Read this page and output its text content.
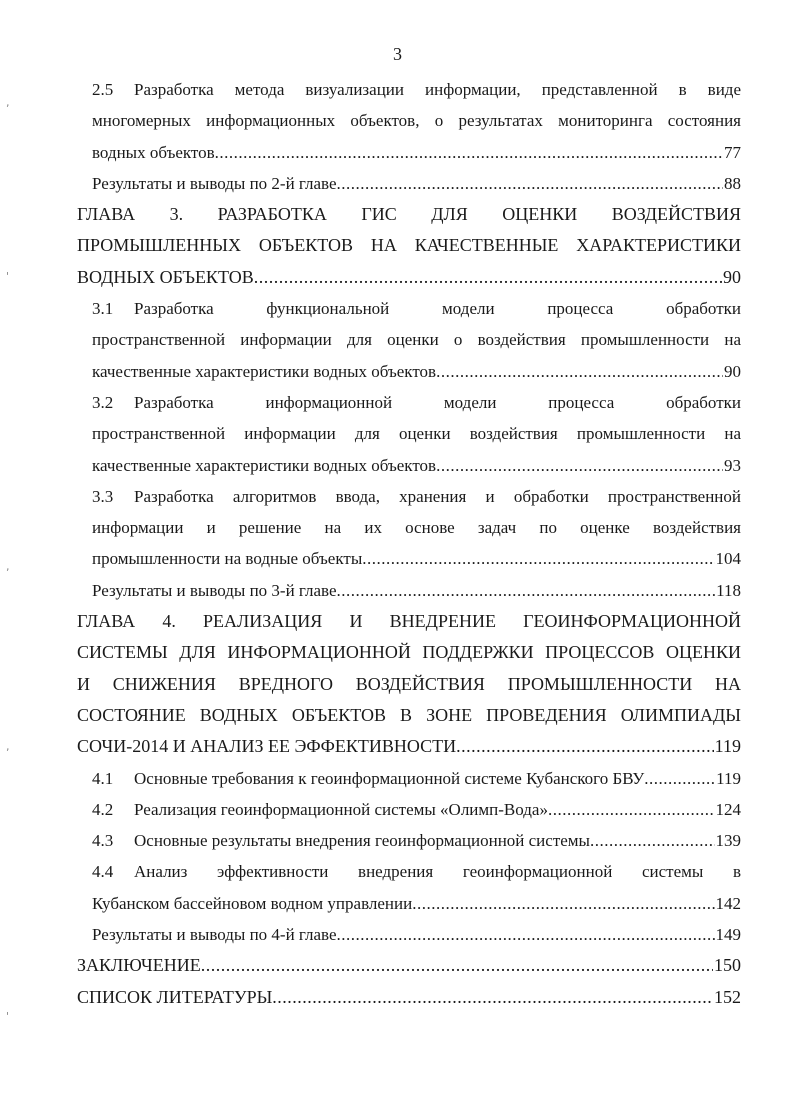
3
2.5 Разработка метода визуализации информации, представленной в виде
многомерных информационных объектов, о результатах мониторинга состояния
водных объектов .....	77
Результаты и выводы по 2-й главе .....	88
ГЛАВА 3. РАЗРАБОТКА ГИС ДЛЯ ОЦЕНКИ ВОЗДЕЙСТВИЯ
ПРОМЫШЛЕННЫХ ОБЪЕКТОВ НА КАЧЕСТВЕННЫЕ ХАРАКТЕРИСТИКИ
ВОДНЫХ ОБЪЕКТОВ .....	90
3.1 Разработка функциональной модели процесса обработки
пространственной информации для оценки о воздействия промышленности на
качественные характеристики водных объектов .....	90
3.2 Разработка информационной модели процесса обработки
пространственной информации для оценки воздействия промышленности на
качественные характеристики водных объектов .....	93
3.3 Разработка алгоритмов ввода, хранения и обработки пространственной
информации и решение на их основе задач по оценке воздействия
промышленности на водные объекты .....	104
Результаты и выводы по 3-й главе .....	118
ГЛАВА 4. РЕАЛИЗАЦИЯ И ВНЕДРЕНИЕ ГЕОИНФОРМАЦИОННОЙ
СИСТЕМЫ ДЛЯ ИНФОРМАЦИОННОЙ ПОДДЕРЖКИ ПРОЦЕССОВ ОЦЕНКИ
И СНИЖЕНИЯ ВРЕДНОГО ВОЗДЕЙСТВИЯ ПРОМЫШЛЕННОСТИ НА
СОСТОЯНИЕ ВОДНЫХ ОБЪЕКТОВ В ЗОНЕ ПРОВЕДЕНИЯ ОЛИМПИАДЫ
СОЧИ-2014 И АНАЛИЗ ЕЕ ЭФФЕКТИВНОСТИ .....	119
4.1	Основные требования к геоинформационной системе Кубанского БВУ .....	119
4.2	Реализация геоинформационной системы «Олимп-Вода» .....	124
4.3	Основные результаты внедрения геоинформационной системы .....	139
4.4 Анализ эффективности внедрения геоинформационной системы в
Кубанском бассейновом водном управлении .....	142
Результаты и выводы по 4-й главе .....	149
ЗАКЛЮЧЕНИЕ .....	150
СПИСОК ЛИТЕРАТУРЫ .....	152
,
'
,
,
'
